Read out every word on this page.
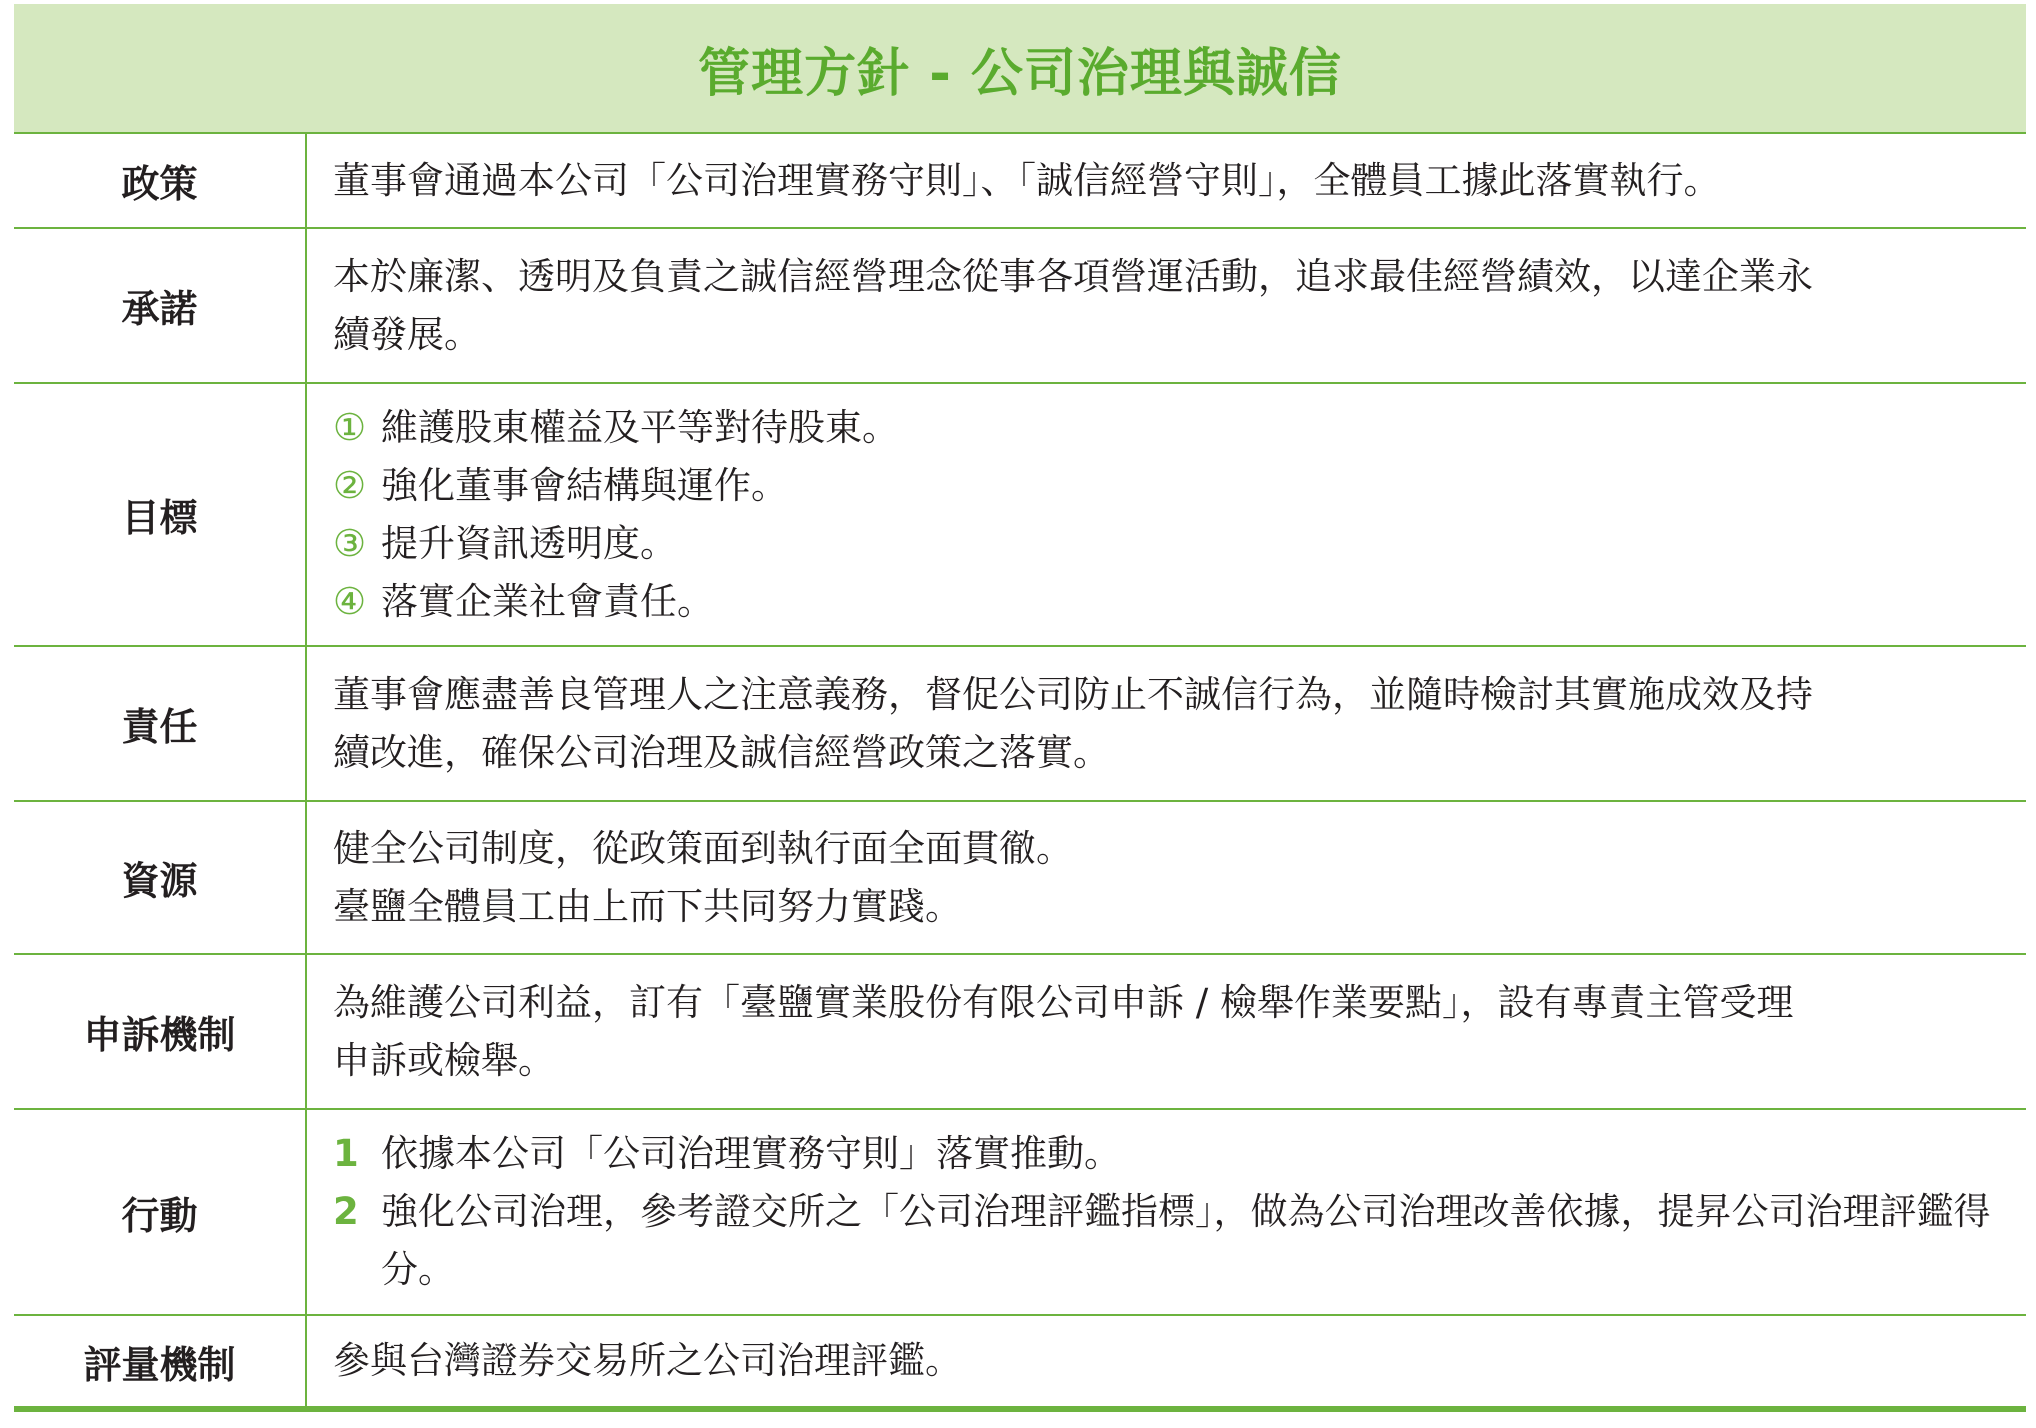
管理方針 - 公司治理與誠信
政策	董事會通過本公司「公司治理實務守則」、「誠信經營守則」，全體員工據此落實執行。
承諾
本於廉潔、透明及負責之誠信經營理念從事各項營運活動，追求最佳經營績效，以達企業永
續發展。
目標
① 維護股東權益及平等對待股東。
② 強化董事會結構與運作。
③ 提升資訊透明度。
④ 落實企業社會責任。
責任
董事會應盡善良管理人之注意義務，督促公司防止不誠信行為，並隨時檢討其實施成效及持
續改進，確保公司治理及誠信經營政策之落實。
資源
健全公司制度，從政策面到執行面全面貫徹。
臺鹽全體員工由上而下共同努力實踐。
申訴機制
為維護公司利益，訂有「臺鹽實業股份有限公司申訴 / 檢舉作業要點」，設有專責主管受理
申訴或檢舉。
行動
1 依據本公司「公司治理實務守則」落實推動。
2 強化公司治理，參考證交所之「公司治理評鑑指標」，做為公司治理改善依據，提昇公司治理評鑑得分。
評量機制	參與台灣證券交易所之公司治理評鑑。
